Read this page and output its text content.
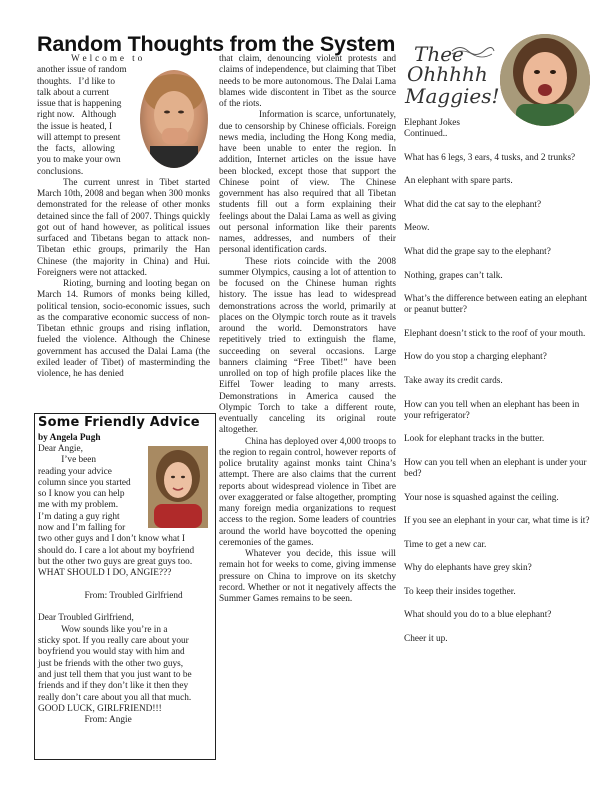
Random Thoughts from the System
W e l c o m e   t o
another issue of random
thoughts.   I’d like to
talk about a current
issue that is happening
right now.   Although
the issue is heated, I
will attempt to present
the   facts,   allowing
you to make your own
conclusions.

The current unrest in Tibet started March 10th, 2008 and began when 300 monks demonstrated for the release of other monks detained since the fall of 2007. Things quickly got out of hand however, as political issues surfaced and Tibetans began to attack non-Tibetan ethic groups, primarily the Han Chinese (the majority in China) and Hui. Foreigners were not attacked.

Rioting, burning and looting began on March 14. Rumors of monks being killed, political tension, socio-economic issues, such as the comparative economic success of non-Tibetan ethnic groups and rising inflation, fueled the violence. Although the Chinese government has accused the Dalai Lama (the exiled leader of Tibet) of masterminding the violence, he has denied

that claim, denouncing violent protests and claims of independence, but claiming that Tibet needs to be more autonomous. The Dalai Lama blames wide discontent in Tibet as the source of the riots.

Information is scarce, unfortunately, due to censorship by Chinese officials. Foreign news media, including the Hong Kong media, have been unable to enter the region. In addition, Internet articles on the issue have been blocked, except those that support the Chinese point of view. The Chinese government has also required that all Tibetan students fill out a form explaining their feelings about the Dalai Lama as well as giving out personal information like their parents names, addresses, and numbers of their personal identification cards.

These riots coincide with the 2008 summer Olympics, causing a lot of attention to be focused on the Chinese human rights history. The issue has lead to widespread demonstrations across the world, primarily at places on the Olympic torch route as it travels around the world. Demonstrators have repetitively tried to extinguish the flame, succeeding on several occasions. Large banners claiming “Free Tibet!” have been unrolled on top of high profile places like the Eiffel Tower leading to many arrests. Demonstrations in America caused the Olympic Torch to take a different route, eventually canceling its original route altogether.

China has deployed over 4,000 troops to the region to regain control, however reports of police brutality against monks taint China’s attempt. There are also claims that the current reports about widespread violence in Tibet are over exaggerated or false altogether, prompting many foreign media organizations to request access to the region. Some leaders of countries around the world have boycotted the opening ceremonies of the games.

Whatever you decide, this issue will remain hot for weeks to come, giving immense pressure on China to improve on its sketchy record. Whether or not it negatively affects the Summer Games remains to be seen.

Some Friendly Advice
by Angela Pugh
Dear Angie,
I’ve been
reading your advice
column since you started
so I know you can help
me with my problem.
I’m dating a guy right
now and I’m falling for
two other guys and I don’t know what I
should do. I care a lot about my boyfriend
but the other two guys are great guys too.
WHAT SHOULD I DO, ANGIE???
From: Troubled Girlfriend
Dear Troubled Girlfriend,
Wow sounds like you’re in a
sticky spot. If you really care about your
boyfriend you would stay with him and
just be friends with the other two guys,
and just tell them that you just want to be
friends and if they don’t like it then they
really don’t care about you all that much.
GOOD LUCK, GIRLFRIEND!!!
From: Angie
Thee
Ohhhhh
Maggies!

Elephant Jokes Continued..

What has 6 legs, 3 ears, 4 tusks, and 2 trunks?

An elephant with spare parts.

What did the cat say to the elephant?

Meow.

What did the grape say to the elephant?

Nothing, grapes can’t talk.

What’s the difference between eating an elephant or peanut butter?

Elephant doesn’t stick to the roof of your mouth.

How do you stop a charging elephant?

Take away its credit cards.

How can you tell when an elephant has been in your refrigerator?

Look for elephant tracks in the butter.

How can you tell when an elephant is under your bed?

Your nose is squashed against the ceiling.

If you see an elephant in your car, what time is it?

Time to get a new car.

Why do elephants have grey skin?

To keep their insides together.

What should you do to a blue elephant?

Cheer it up.
